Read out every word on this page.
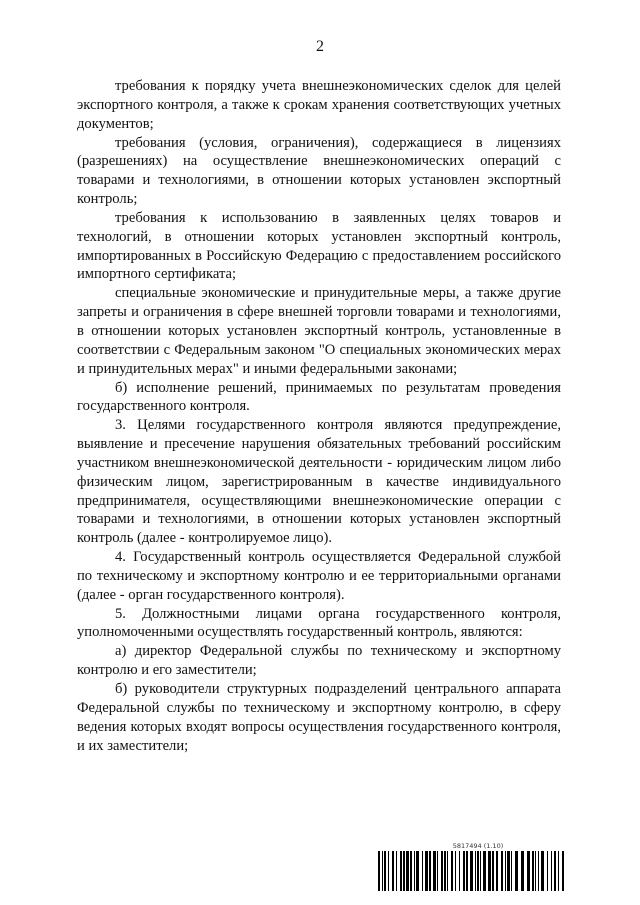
2

требования к порядку учета внешнеэкономических сделок для целей экспортного контроля, а также к срокам хранения соответствующих учетных документов;

требования (условия, ограничения), содержащиеся в лицензиях (разрешениях) на осуществление внешнеэкономических операций с товарами и технологиями, в отношении которых установлен экспортный контроль;

требования к использованию в заявленных целях товаров и технологий, в отношении которых установлен экспортный контроль, импортированных в Российскую Федерацию с предоставлением российского импортного сертификата;

специальные экономические и принудительные меры, а также другие запреты и ограничения в сфере внешней торговли товарами и технологиями, в отношении которых установлен экспортный контроль, установленные в соответствии с Федеральным законом "О специальных экономических мерах и принудительных мерах" и иными федеральными законами;

б) исполнение решений, принимаемых по результатам проведения государственного контроля.

3. Целями государственного контроля являются предупреждение, выявление и пресечение нарушения обязательных требований российским участником внешнеэкономической деятельности - юридическим лицом либо физическим лицом, зарегистрированным в качестве индивидуального предпринимателя, осуществляющими внешнеэкономические операции с товарами и технологиями, в отношении которых установлен экспортный контроль (далее - контролируемое лицо).

4. Государственный контроль осуществляется Федеральной службой по техническому и экспортному контролю и ее территориальными органами (далее - орган государственного контроля).

5. Должностными лицами органа государственного контроля, уполномоченными осуществлять государственный контроль, являются:

а) директор Федеральной службы по техническому и экспортному контролю и его заместители;

б) руководители структурных подразделений центрального аппарата Федеральной службы по техническому и экспортному контролю, в сферу ведения которых входят вопросы осуществления государственного контроля, и их заместители;

5817494 (1.10)
